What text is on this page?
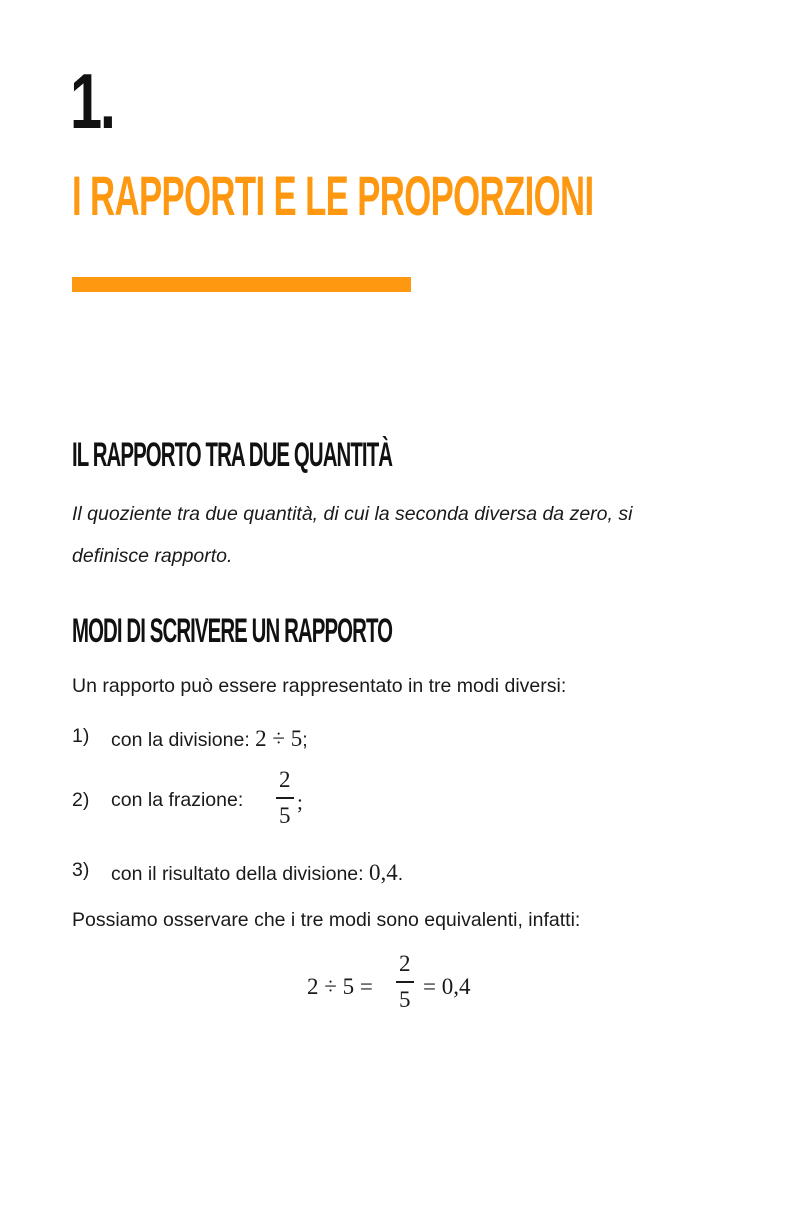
1.
I RAPPORTI E LE PROPORZIONI
IL RAPPORTO TRA DUE QUANTITÀ
Il quoziente tra due quantità, di cui la seconda diversa da zero, si definisce rapporto.
MODI DI SCRIVERE UN RAPPORTO
Un rapporto può essere rappresentato in tre modi diversi:
1) con la divisione: 2 ÷ 5;
2) con la frazione:
2
5
;
3) con il risultato della divisione: 0,4.
Possiamo osservare che i tre modi sono equivalenti, infatti:
2 ÷ 5 =
2
5 = 0,4
